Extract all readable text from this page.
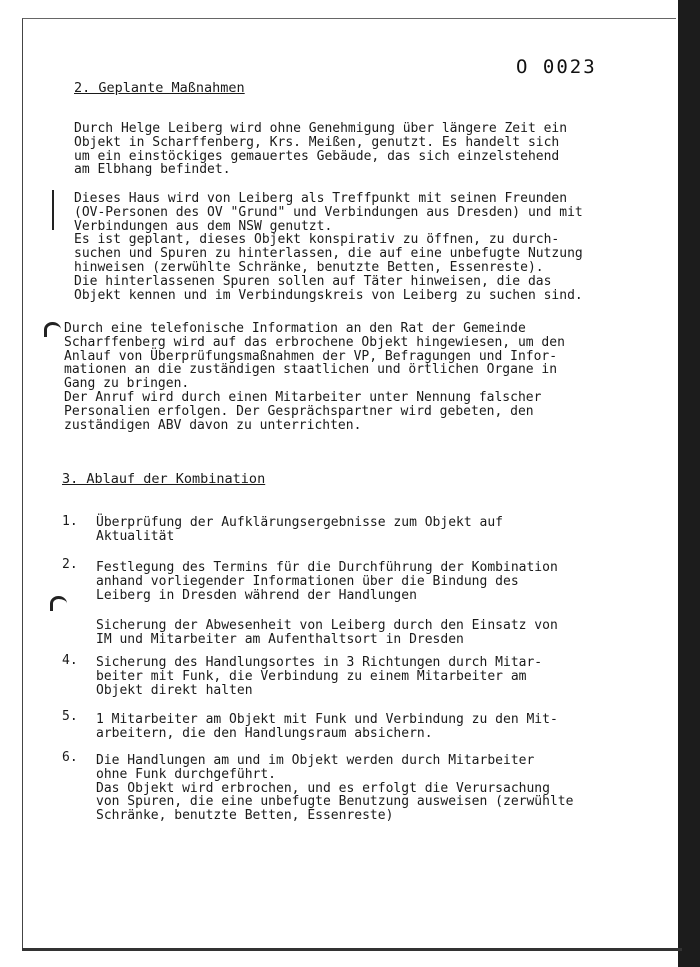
O 0023
2. Geplante Maßnahmen
Durch Helge Leiberg wird ohne Genehmigung über längere Zeit ein
Objekt in Scharffenberg, Krs. Meißen, genutzt. Es handelt sich
um ein einstöckiges gemauertes Gebäude, das sich einzelstehend
am Elbhang befindet.
Dieses Haus wird von Leiberg als Treffpunkt mit seinen Freunden
(OV-Personen des OV "Grund" und Verbindungen aus Dresden) und mit
Verbindungen aus dem NSW genutzt.
Es ist geplant, dieses Objekt konspirativ zu öffnen, zu durch-
suchen und Spuren zu hinterlassen, die auf eine unbefugte Nutzung
hinweisen (zerwühlte Schränke, benutzte Betten, Essenreste).
Die hinterlassenen Spuren sollen auf Täter hinweisen, die das
Objekt kennen und im Verbindungskreis von Leiberg zu suchen sind.
Durch eine telefonische Information an den Rat der Gemeinde
Scharffenberg wird auf das erbrochene Objekt hingewiesen, um den
Anlauf von Überprüfungsmaßnahmen der VP, Befragungen und Infor-
mationen an die zuständigen staatlichen und örtlichen Organe in
Gang zu bringen.
Der Anruf wird durch einen Mitarbeiter unter Nennung falscher
Personalien erfolgen. Der Gesprächspartner wird gebeten, den
zuständigen ABV davon zu unterrichten.
3. Ablauf der Kombination
1. Überprüfung der Aufklärungsergebnisse zum Objekt auf
Aktualität
2. Festlegung des Termins für die Durchführung der Kombination
anhand vorliegender Informationen über die Bindung des
Leiberg in Dresden während der Handlungen
Sicherung der Abwesenheit von Leiberg durch den Einsatz von
IM und Mitarbeiter am Aufenthaltsort in Dresden
4. Sicherung des Handlungsortes in 3 Richtungen durch Mitar-
beiter mit Funk, die Verbindung zu einem Mitarbeiter am
Objekt direkt halten
5. 1 Mitarbeiter am Objekt mit Funk und Verbindung zu den Mit-
arbeitern, die den Handlungsraum absichern.
6. Die Handlungen am und im Objekt werden durch Mitarbeiter
ohne Funk durchgeführt.
Das Objekt wird erbrochen, und es erfolgt die Verursachung
von Spuren, die eine unbefugte Benutzung ausweisen (zerwühlte
Schränke, benutzte Betten, Essenreste)
